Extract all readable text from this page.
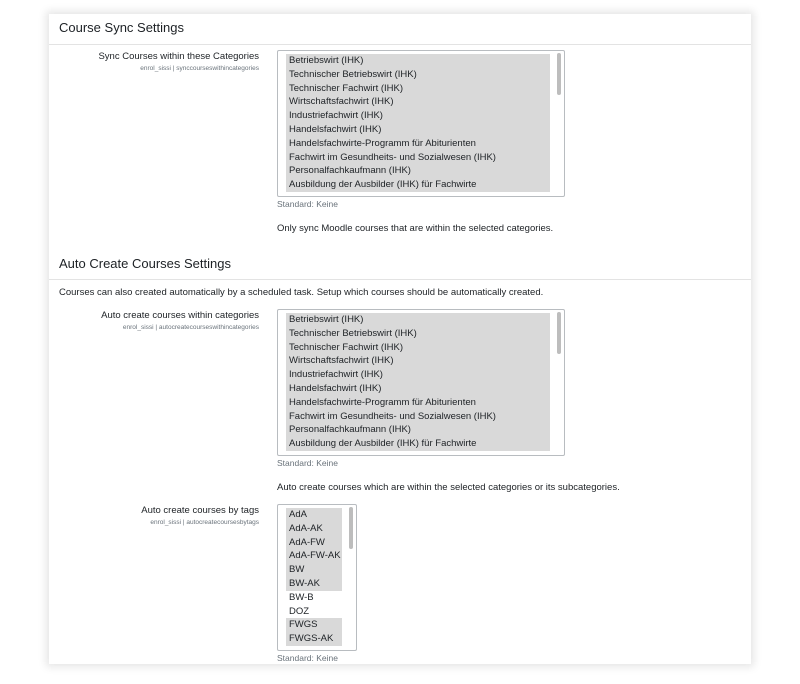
Course Sync Settings
Sync Courses within these Categories
enrol_sissi | synccourseswithincategories
Betriebswirt (IHK)
Technischer Betriebswirt (IHK)
Technischer Fachwirt (IHK)
Wirtschaftsfachwirt (IHK)
Industriefachwirt (IHK)
Handelsfachwirt (IHK)
Handelsfachwirte-Programm für Abiturienten
Fachwirt im Gesundheits- und Sozialwesen (IHK)
Personalfachkaufmann (IHK)
Ausbildung der Ausbilder (IHK) für Fachwirte
Standard: Keine
Only sync Moodle courses that are within the selected categories.
Auto Create Courses Settings
Courses can also created automatically by a scheduled task. Setup which courses should be automatically created.
Auto create courses within categories
enrol_sissi | autocreatecourseswithincategories
Betriebswirt (IHK)
Technischer Betriebswirt (IHK)
Technischer Fachwirt (IHK)
Wirtschaftsfachwirt (IHK)
Industriefachwirt (IHK)
Handelsfachwirt (IHK)
Handelsfachwirte-Programm für Abiturienten
Fachwirt im Gesundheits- und Sozialwesen (IHK)
Personalfachkaufmann (IHK)
Ausbildung der Ausbilder (IHK) für Fachwirte
Standard: Keine
Auto create courses which are within the selected categories or its subcategories.
Auto create courses by tags
enrol_sissi | autocreatecoursesbytags
AdA
AdA-AK
AdA-FW
AdA-FW-AK
BW
BW-AK
BW-B
DOZ
FWGS
FWGS-AK
Standard: Keine
